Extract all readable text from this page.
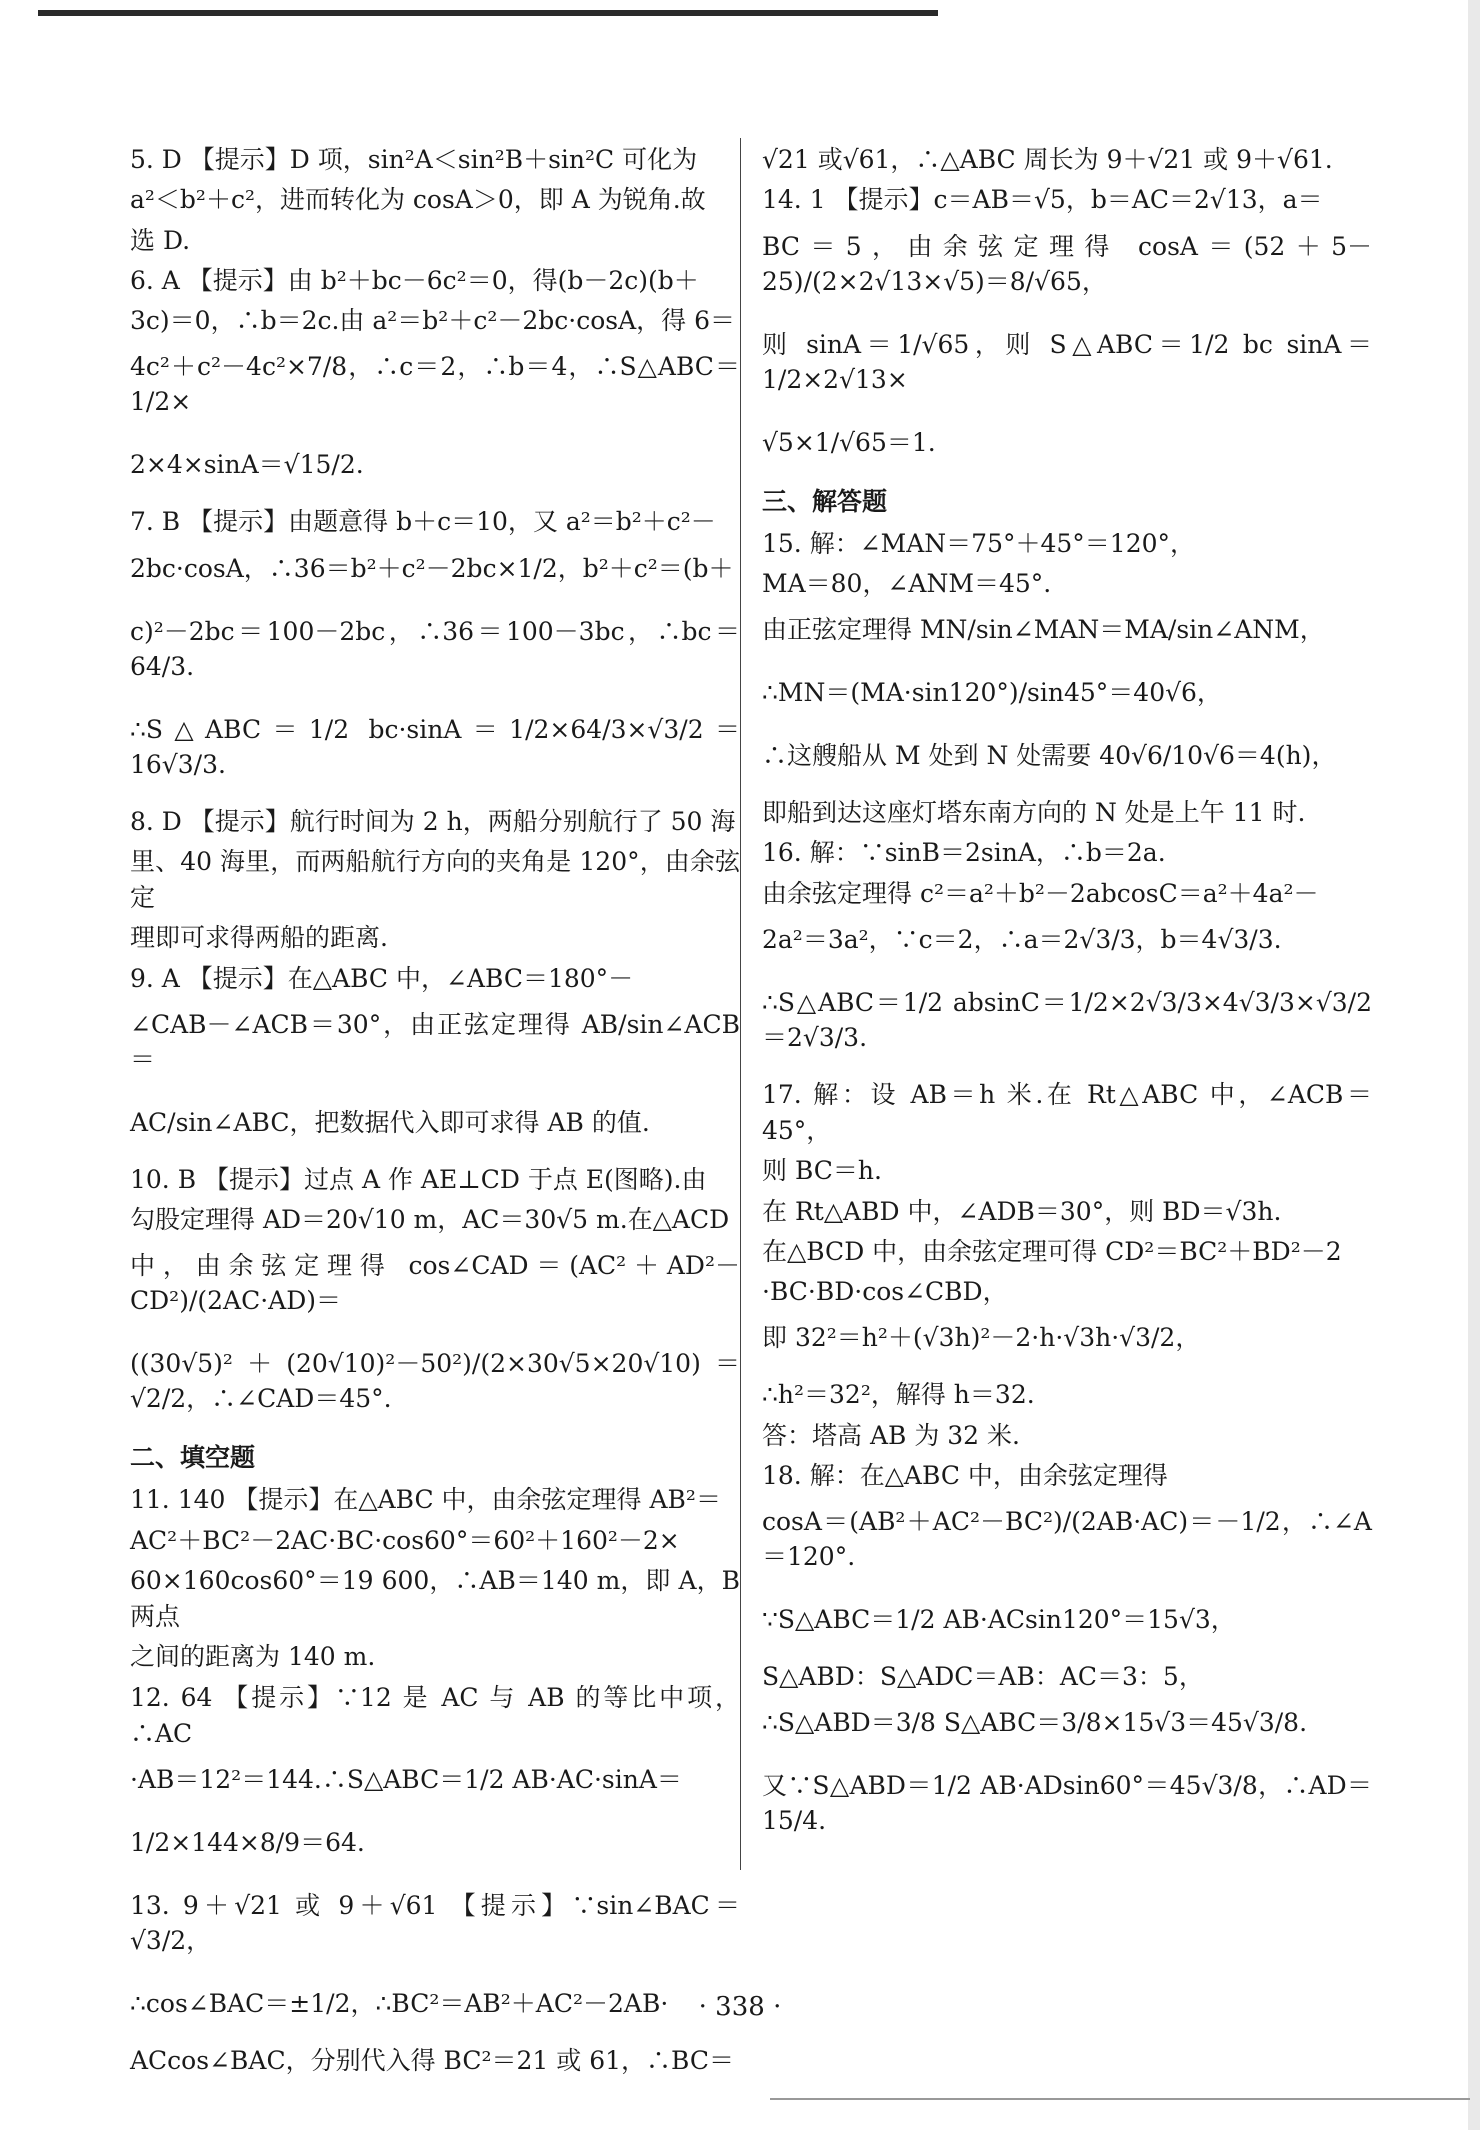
5. D 【提示】D 项，sin²A＜sin²B＋sin²C 可化为
a²＜b²＋c²，进而转化为 cosA＞0，即 A 为锐角.故
选 D.
6. A 【提示】由 b²＋bc－6c²＝0，得(b－2c)(b＋
3c)＝0，∴b＝2c.由 a²＝b²＋c²－2bc·cosA，得 6＝
4c²＋c²－4c²×7/8，∴c＝2，∴b＝4，∴S△ABC＝1/2×
2×4×sinA＝√15/2.
7. B 【提示】由题意得 b＋c＝10，又 a²＝b²＋c²－
2bc·cosA，∴36＝b²＋c²－2bc×1/2，b²＋c²＝(b＋
c)²－2bc＝100－2bc，∴36＝100－3bc，∴bc＝64/3.
∴S△ABC＝1/2 bc·sinA＝1/2×64/3×√3/2＝16√3/3.
8. D 【提示】航行时间为 2 h，两船分别航行了 50 海
里、40 海里，而两船航行方向的夹角是 120°，由余弦定
理即可求得两船的距离.
9. A 【提示】在△ABC 中，∠ABC＝180°－
∠CAB－∠ACB＝30°，由正弦定理得 AB/sin∠ACB＝
AC/sin∠ABC，把数据代入即可求得 AB 的值.
10. B 【提示】过点 A 作 AE⊥CD 于点 E(图略).由
勾股定理得 AD＝20√10 m，AC＝30√5 m.在△ACD
中，由余弦定理得 cos∠CAD＝(AC²＋AD²－CD²)/(2AC·AD)＝
((30√5)²＋(20√10)²－50²)/(2×30√5×20√10)＝√2/2，∴∠CAD＝45°.
二、填空题
11. 140 【提示】在△ABC 中，由余弦定理得 AB²＝
AC²＋BC²－2AC·BC·cos60°＝60²＋160²－2×
60×160cos60°＝19 600，∴AB＝140 m，即 A，B 两点
之间的距离为 140 m.
12. 64 【提示】∵12 是 AC 与 AB 的等比中项，∴AC
·AB＝12²＝144.∴S△ABC＝1/2 AB·AC·sinA＝
1/2×144×8/9＝64.
13. 9＋√21 或 9＋√61 【提示】∵sin∠BAC＝√3/2，
∴cos∠BAC＝±1/2，∴BC²＝AB²＋AC²－2AB·
ACcos∠BAC，分别代入得 BC²＝21 或 61，∴BC＝
√21 或√61，∴△ABC 周长为 9＋√21 或 9＋√61.
14. 1 【提示】c＝AB＝√5，b＝AC＝2√13，a＝
BC＝5，由余弦定理得 cosA＝(52＋5－25)/(2×2√13×√5)＝8/√65，
则 sinA＝1/√65，则 S△ABC＝1/2 bc sinA＝1/2×2√13×
√5×1/√65＝1.
三、解答题
15. 解：∠MAN＝75°＋45°＝120°，
MA＝80，∠ANM＝45°.
由正弦定理得 MN/sin∠MAN＝MA/sin∠ANM，
∴MN＝(MA·sin120°)/sin45°＝40√6，
∴这艘船从 M 处到 N 处需要 40√6/10√6＝4(h)，
即船到达这座灯塔东南方向的 N 处是上午 11 时.
16. 解：∵sinB＝2sinA，∴b＝2a.
由余弦定理得 c²＝a²＋b²－2abcosC＝a²＋4a²－
2a²＝3a²，∵c＝2，∴a＝2√3/3，b＝4√3/3.
∴S△ABC＝1/2 absinC＝1/2×2√3/3×4√3/3×√3/2＝2√3/3.
17. 解：设 AB＝h 米.在 Rt△ABC 中，∠ACB＝45°，
则 BC＝h.
在 Rt△ABD 中，∠ADB＝30°，则 BD＝√3h.
在△BCD 中，由余弦定理可得 CD²＝BC²＋BD²－2
·BC·BD·cos∠CBD，
即 32²＝h²＋(√3h)²－2·h·√3h·√3/2，
∴h²＝32²，解得 h＝32.
答：塔高 AB 为 32 米.
18. 解：在△ABC 中，由余弦定理得
cosA＝(AB²＋AC²－BC²)/(2AB·AC)＝－1/2，∴∠A＝120°.
∵S△ABC＝1/2 AB·ACsin120°＝15√3，
S△ABD：S△ADC＝AB：AC＝3：5，
∴S△ABD＝3/8 S△ABC＝3/8×15√3＝45√3/8.
又∵S△ABD＝1/2 AB·ADsin60°＝45√3/8，∴AD＝15/4.
· 338 ·
